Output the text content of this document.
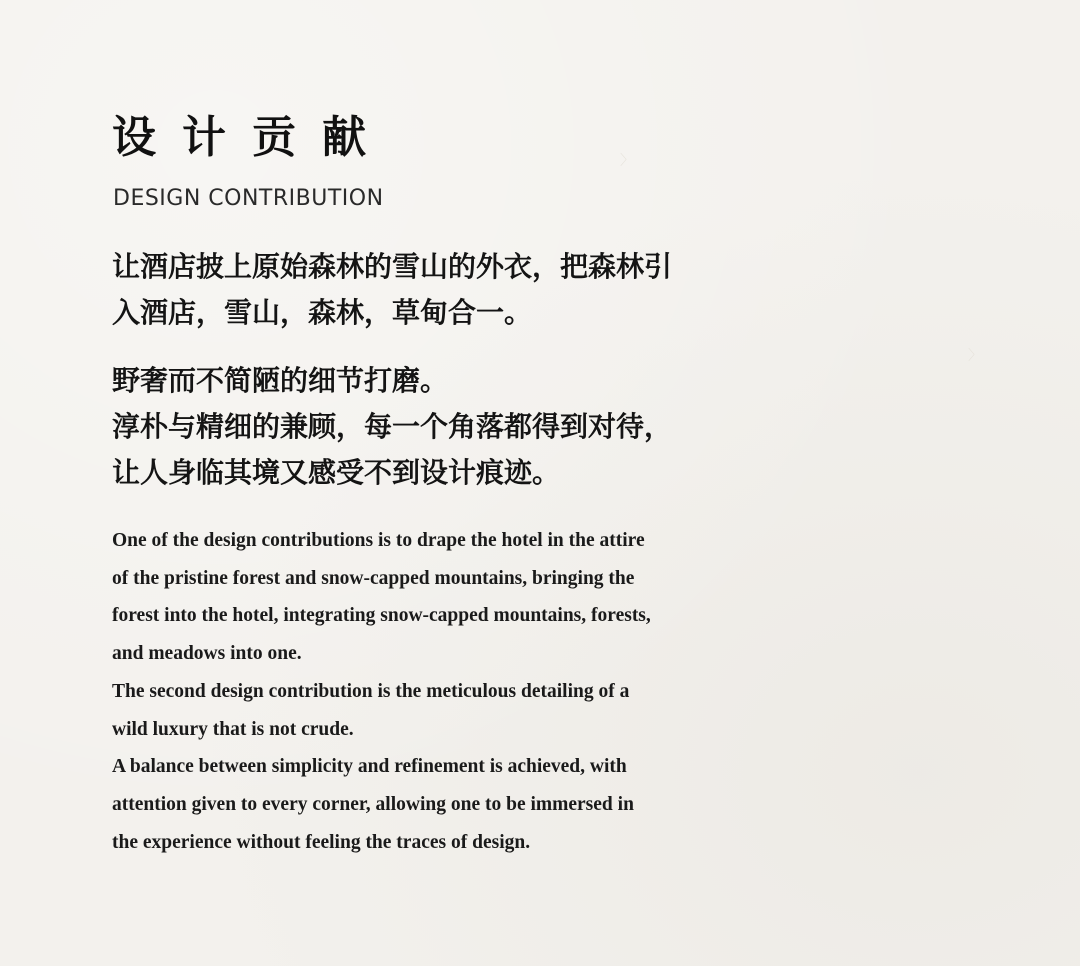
设计贡献
DESIGN CONTRIBUTION
让酒店披上原始森林的雪山的外衣，把森林引
入酒店，雪山，森林，草甸合一。
野奢而不简陋的细节打磨。
淳朴与精细的兼顾，每一个角落都得到对待，
让人身临其境又感受不到设计痕迹。
One of the design contributions is to drape the hotel in the attire
of the pristine forest and snow-capped mountains, bringing the
forest into the hotel, integrating snow-capped mountains, forests,
and meadows into one.
The second design contribution is the meticulous detailing of a
wild luxury that is not crude.
A balance between simplicity and refinement is achieved, with
attention given to every corner, allowing one to be immersed in
the experience without feeling the traces of design.
〉
〉
